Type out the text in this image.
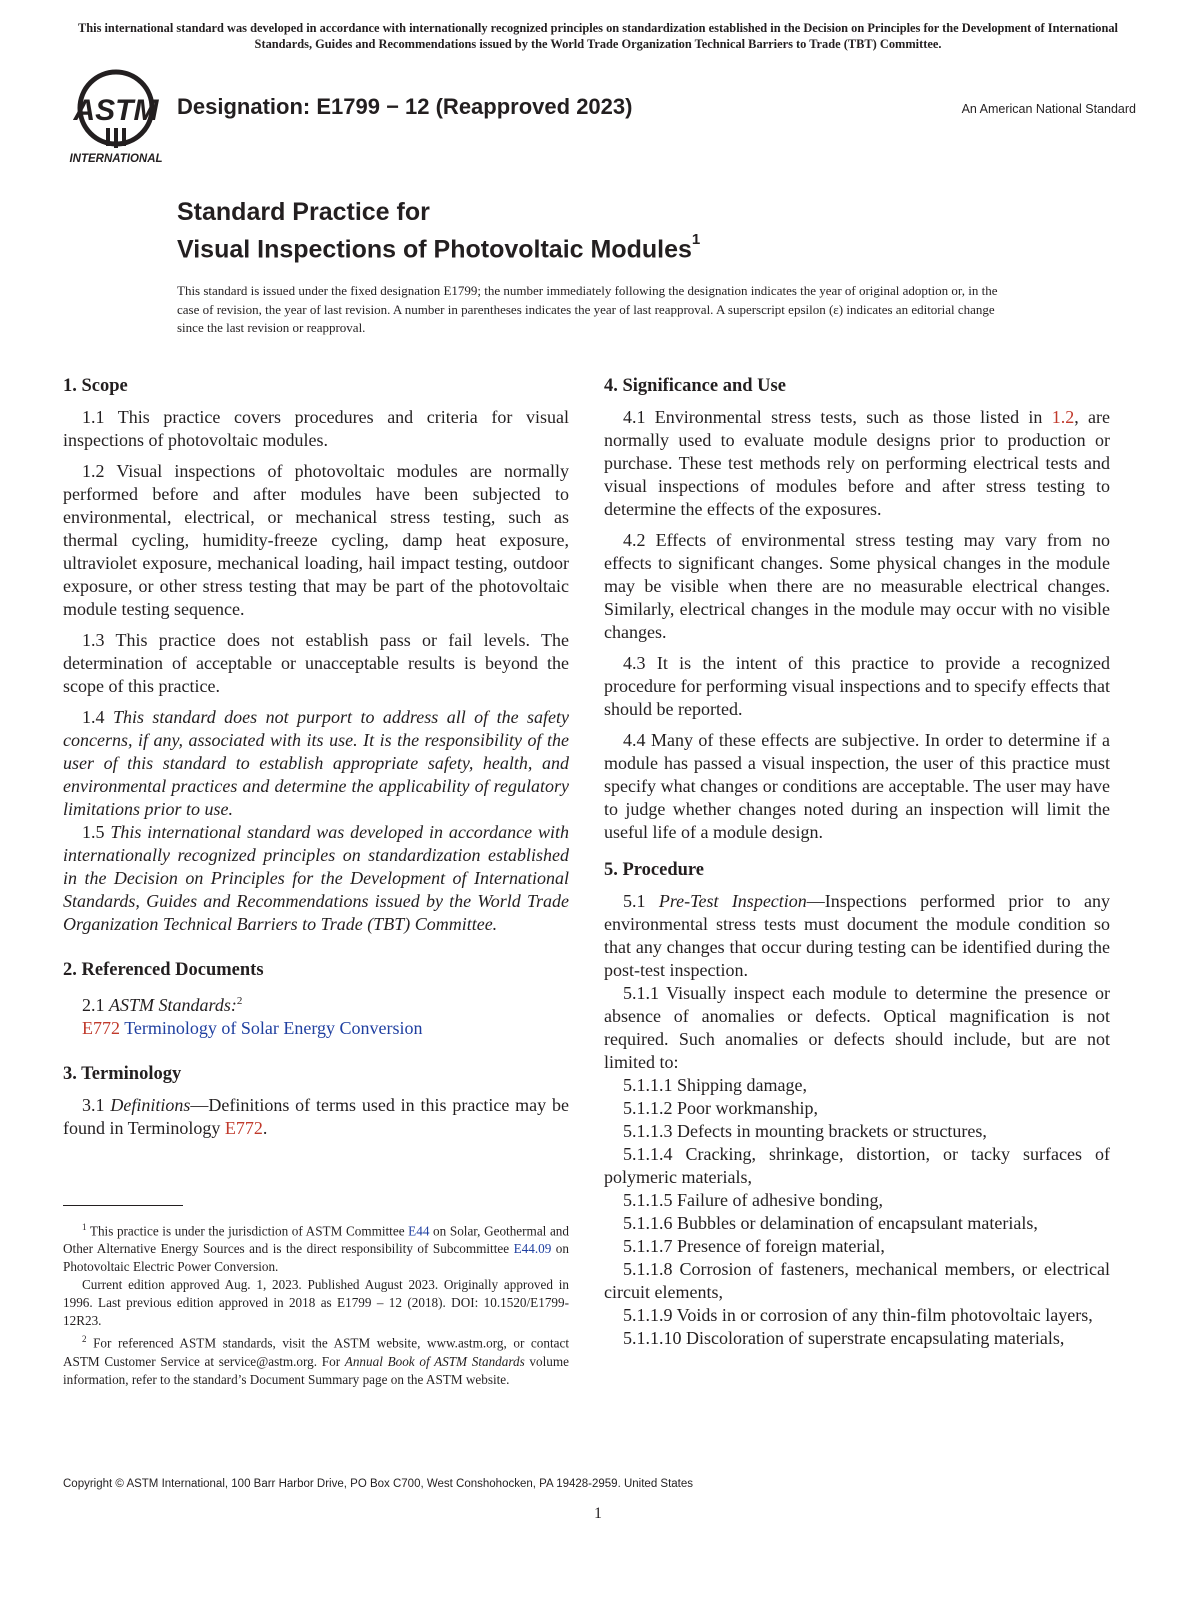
This international standard was developed in accordance with internationally recognized principles on standardization established in the Decision on Principles for the Development of International Standards, Guides and Recommendations issued by the World Trade Organization Technical Barriers to Trade (TBT) Committee.
ASTM
INTERNATIONAL
Designation: E1799 − 12 (Reapproved 2023)	An American National Standard
Standard Practice for
Visual Inspections of Photovoltaic Modules$^1$
This standard is issued under the fixed designation E1799; the number immediately following the designation indicates the year of original adoption or, in the case of revision, the year of last revision. A number in parentheses indicates the year of last reapproval. A superscript epsilon (ε) indicates an editorial change since the last revision or reapproval.
1. Scope

1.1 This practice covers procedures and criteria for visual inspections of photovoltaic modules.

1.2 Visual inspections of photovoltaic modules are normally performed before and after modules have been subjected to environmental, electrical, or mechanical stress testing, such as thermal cycling, humidity-freeze cycling, damp heat exposure, ultraviolet exposure, mechanical loading, hail impact testing, outdoor exposure, or other stress testing that may be part of the photovoltaic module testing sequence.

1.3 This practice does not establish pass or fail levels. The determination of acceptable or unacceptable results is beyond the scope of this practice.

1.4 This standard does not purport to address all of the safety concerns, if any, associated with its use. It is the responsibility of the user of this standard to establish appropriate safety, health, and environmental practices and determine the applicability of regulatory limitations prior to use.

1.5 This international standard was developed in accordance with internationally recognized principles on standardization established in the Decision on Principles for the Development of International Standards, Guides and Recommendations issued by the World Trade Organization Technical Barriers to Trade (TBT) Committee.

2. Referenced Documents
2.1 ASTM Standards:$^2$
E772 Terminology of Solar Energy Conversion
3. Terminology

3.1 Definitions—Definitions of terms used in this practice may be found in Terminology E772.

$^1$ This practice is under the jurisdiction of ASTM Committee E44 on Solar, Geothermal and Other Alternative Energy Sources and is the direct responsibility of Subcommittee E44.09 on Photovoltaic Electric Power Conversion.

Current edition approved Aug. 1, 2023. Published August 2023. Originally approved in 1996. Last previous edition approved in 2018 as E1799 – 12 (2018). DOI: 10.1520/E1799-12R23.

$^2$ For referenced ASTM standards, visit the ASTM website, www.astm.org, or contact ASTM Customer Service at service@astm.org. For Annual Book of ASTM Standards volume information, refer to the standard’s Document Summary page on the ASTM website.

4. Significance and Use

4.1 Environmental stress tests, such as those listed in 1.2, are normally used to evaluate module designs prior to production or purchase. These test methods rely on performing electrical tests and visual inspections of modules before and after stress testing to determine the effects of the exposures.

4.2 Effects of environmental stress testing may vary from no effects to significant changes. Some physical changes in the module may be visible when there are no measurable electrical changes. Similarly, electrical changes in the module may occur with no visible changes.

4.3 It is the intent of this practice to provide a recognized procedure for performing visual inspections and to specify effects that should be reported.

4.4 Many of these effects are subjective. In order to determine if a module has passed a visual inspection, the user of this practice must specify what changes or conditions are acceptable. The user may have to judge whether changes noted during an inspection will limit the useful life of a module design.

5. Procedure

5.1 Pre-Test Inspection—Inspections performed prior to any environmental stress tests must document the module condition so that any changes that occur during testing can be identified during the post-test inspection.

5.1.1 Visually inspect each module to determine the presence or absence of anomalies or defects. Optical magnification is not required. Such anomalies or defects should include, but are not limited to:

5.1.1.1 Shipping damage,
5.1.1.2 Poor workmanship,
5.1.1.3 Defects in mounting brackets or structures,
5.1.1.4 Cracking, shrinkage, distortion, or tacky surfaces of polymeric materials,
5.1.1.5 Failure of adhesive bonding,
5.1.1.6 Bubbles or delamination of encapsulant materials,
5.1.1.7 Presence of foreign material,
5.1.1.8 Corrosion of fasteners, mechanical members, or electrical circuit elements,
5.1.1.9 Voids in or corrosion of any thin-film photovoltaic layers,
5.1.1.10 Discoloration of superstrate encapsulating materials,
Copyright © ASTM International, 100 Barr Harbor Drive, PO Box C700, West Conshohocken, PA 19428-2959. United States
1
